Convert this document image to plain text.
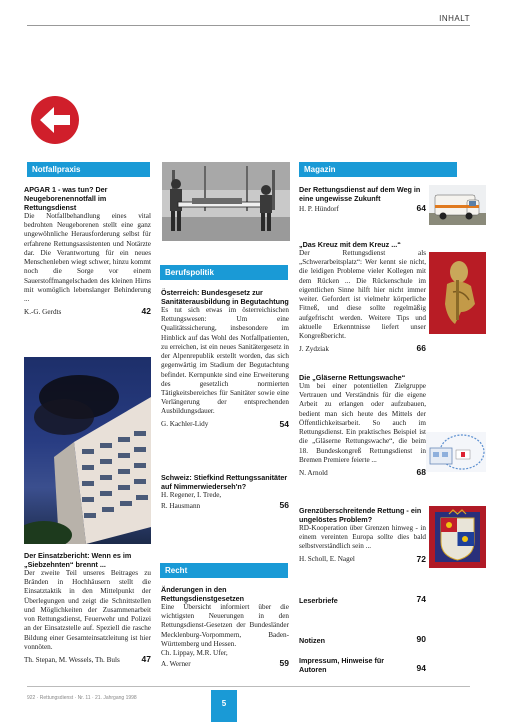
INHALT
Notfallpraxis
Berufspolitik
Recht
Magazin
APGAR 1 - was tun? Der Neugeborenennotfall im Rettungsdienst
Die Notfallbehandlung eines vital bedrohten Neugeborenen stellt eine ganz ungewöhnliche Herausforderung selbst für erfahrene Rettungsassistenten und Notärzte dar. Die Verantwortung für ein neues Menschenleben wiegt schwer, hinzu kommt noch die Sorge vor einem Sauerstoffmangelschaden des kleinen Hirns mit womöglich lebenslanger Behinderung ...
K.-G. Gerdts	42
Der Einsatzbericht: Wenn es im „Siebzehnten“ brennt ...
Der zweite Teil unseres Beitrages zu Bränden in Hochhäusern stellt die Einsatztaktik in den Mittelpunkt der Überlegungen und zeigt die Schnittstellen und Möglichkeiten der Zusammenarbeit von Rettungsdienst, Feuerwehr und Polizei an der Einsatzstelle auf. Speziell die rasche Bildung einer Gesamteinsatzleitung ist hier vonnöten.
Th. Stepan, M. Wessels, Th. Buls	47
Österreich: Bundesgesetz zur Sanitäterausbildung in Begutachtung
Es tut sich etwas im österreichischen Rettungswesen: Um eine Qualitätssicherung, insbesondere im Hinblick auf das Wohl des Notfallpatienten, zu erreichen, ist ein neues Sanitätergesetz in der Alpenrepublik erstellt worden, das sich gegenwärtig im Stadium der Begutachtung befindet. Kernpunkte sind eine Erweiterung des gesetzlich normierten Tätigkeitsbereiches für Sanitäter sowie eine Verlängerung der entsprechenden Ausbildungsdauer.
G. Kachler-Lidy	54
Schweiz: Stiefkind Rettungssanitäter auf Nimmerwiederseh'n?
H. Regener, I. Trede,
R. Hausmann	56
Änderungen in den Rettungsdienstgesetzen
Eine Übersicht informiert über die wichtigsten Neuerungen in den Rettungsdienst-Gesetzen der Bundesländer Mecklenburg-Vorpommern, Baden-Württemberg und Hessen.
Ch. Lippay, M.R. Ufer,
A. Werner	59
Der Rettungsdienst auf dem Weg in eine ungewisse Zukunft
H. P. Hündorf	64
„Das Kreuz mit dem Kreuz ...“
Der Rettungsdienst als „Schwerarbeitsplatz“: Wer kennt sie nicht, die leidigen Probleme vieler Kollegen mit dem Rücken ... Die Rückenschule im eigentlichen Sinne hilft hier nicht immer weiter. Gefordert ist vielmehr körperliche Fitneß, und diese sollte regelmäßig aufgefrischt werden. Weitere Tips und aktuelle Erkenntnisse liefert unser Kongreßbericht.
J. Zydziak	66
Die „Gläserne Rettungswache“
Um bei einer potentiellen Zielgruppe Vertrauen und Verständnis für die eigene Arbeit zu erlangen oder aufzubauen, bedient man sich heute des Mittels der Öffentlichkeitsarbeit. So auch im Rettungsdienst. Ein praktisches Beispiel ist die „Gläserne Rettungswache“, die beim 18. Bundeskongreß Rettungsdienst in Bremen Premiere feierte ...
N. Arnold	68
Grenzüberschreitende Rettung - ein ungelöstes Problem?
RD-Kooperation über Grenzen hinweg - in einem vereinten Europa sollte dies bald selbstverständlich sein ...
H. Scholl, E. Nagel	72
Leserbriefe	74
Notizen	90
Impressum, Hinweise für Autoren	94
922 · Rettungsdienst · Nr. 11 · 21. Jahrgang 1998
5
